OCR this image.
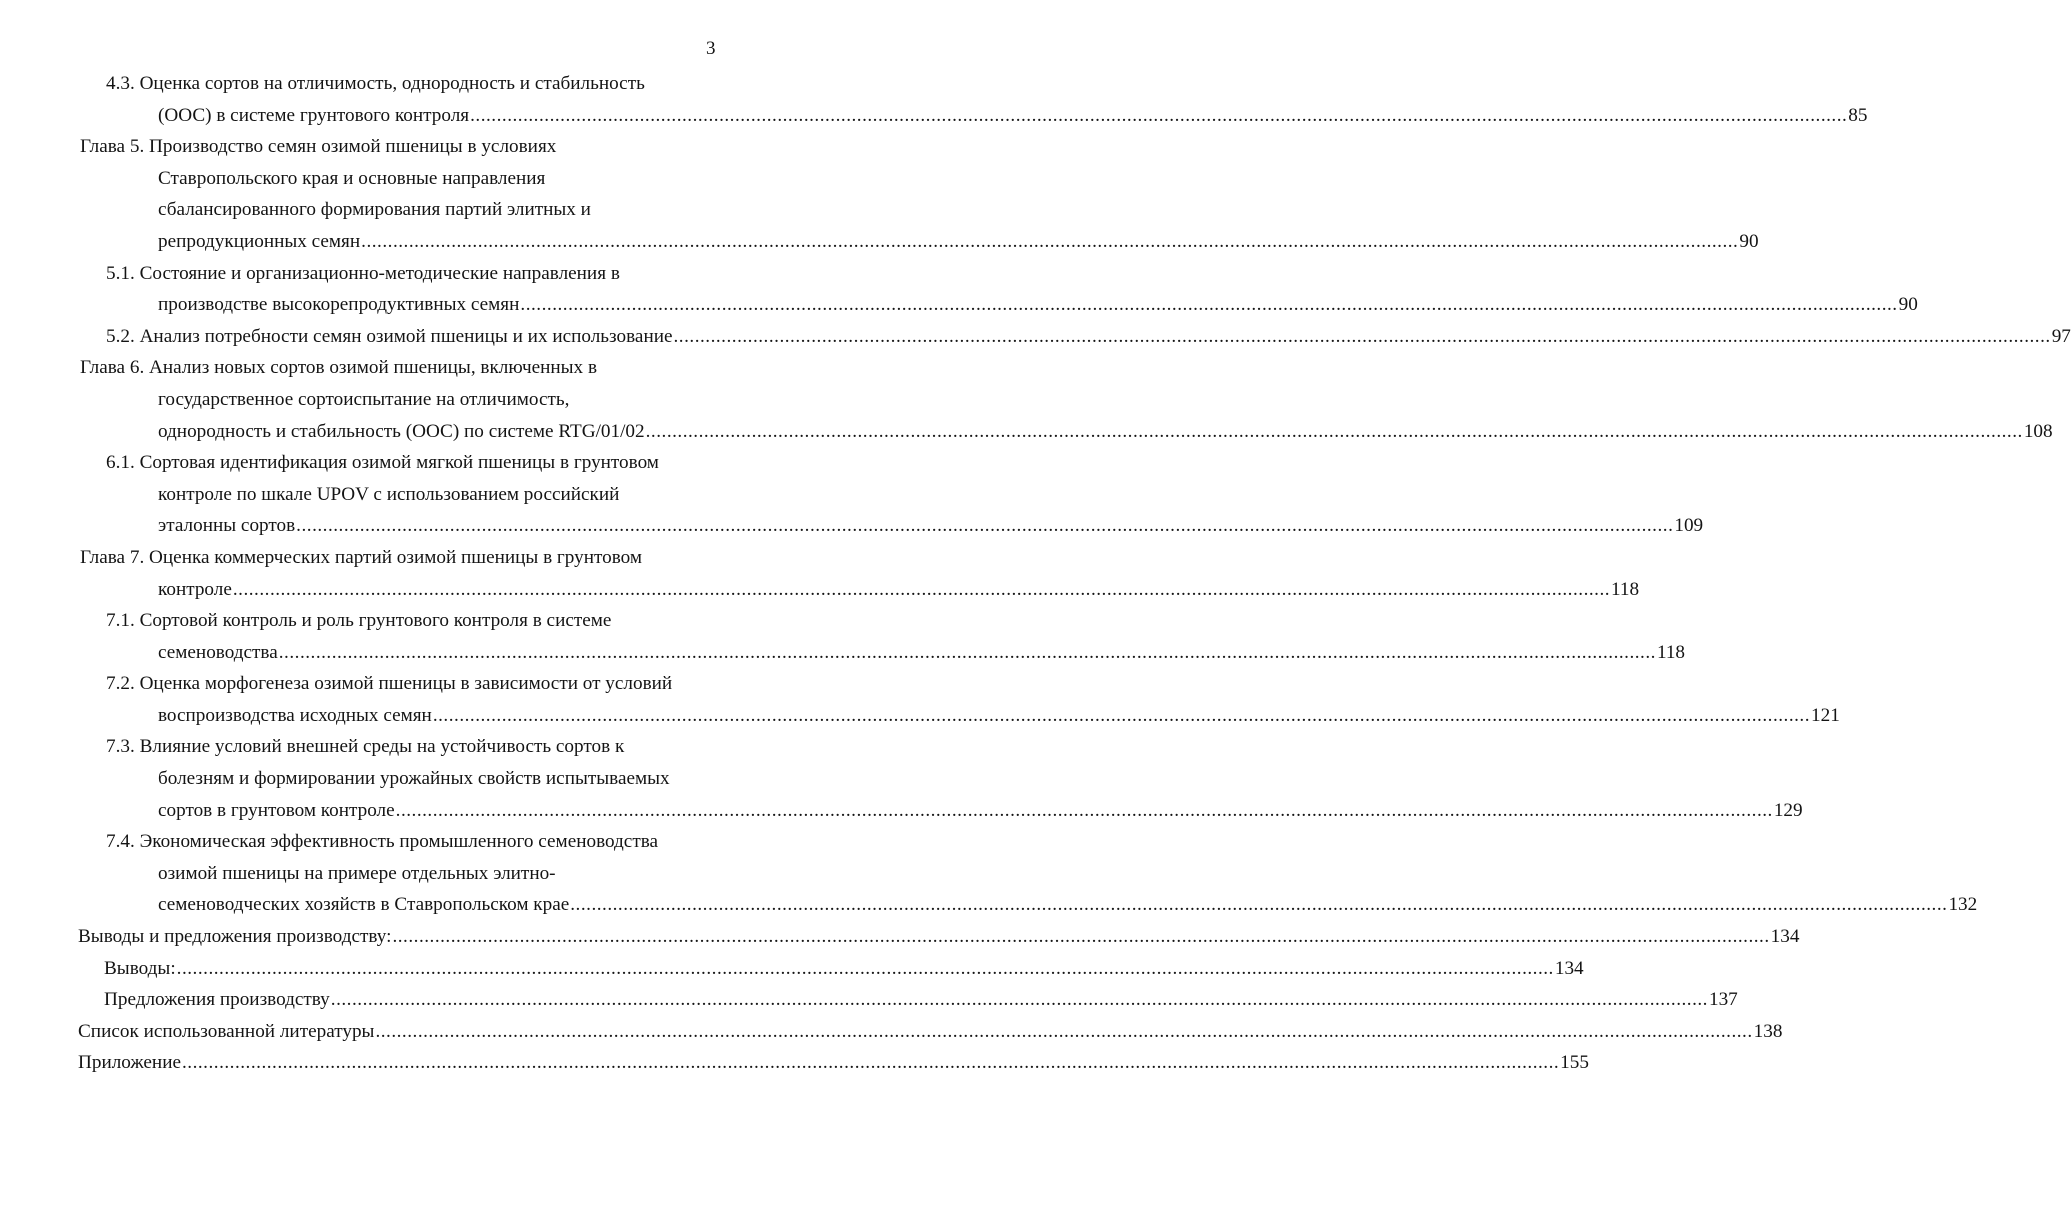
3
4.3. Оценка сортов на отличимость, однородность и стабильность
(ООС) в системе грунтового контроля .................................................................................................................................................................................................................................................................... 85
Глава 5. Производство семян озимой пшеницы в условиях
Ставропольского края и основные направления
сбалансированного формирования партий элитных и
репродукционных семян .................................................................................................................................................................................................................................................................... 90
5.1. Состояние и организационно-методические направления в
производстве высокорепродуктивных семян .................................................................................................................................................................................................................................................................... 90
5.2. Анализ потребности семян озимой пшеницы и их использование .................................................................................................................................................................................................................................................................... 97
Глава 6. Анализ новых сортов озимой пшеницы, включенных в
государственное сортоиспытание на отличимость,
однородность и стабильность (ООС) по системе RTG/01/02 .................................................................................................................................................................................................................................................................... 108
6.1. Сортовая идентификация озимой мягкой пшеницы в грунтовом
контроле по шкале UPOV с использованием российский
эталонны сортов .................................................................................................................................................................................................................................................................... 109
Глава 7. Оценка коммерческих партий озимой пшеницы в грунтовом
контроле .................................................................................................................................................................................................................................................................... 118
7.1. Сортовой контроль и роль грунтового контроля в системе
семеноводства .................................................................................................................................................................................................................................................................... 118
7.2. Оценка морфогенеза озимой пшеницы в зависимости от условий
воспроизводства исходных семян .................................................................................................................................................................................................................................................................... 121
7.3. Влияние условий внешней среды на устойчивость сортов к
болезням и формировании урожайных свойств испытываемых
сортов в грунтовом контроле .................................................................................................................................................................................................................................................................... 129
7.4. Экономическая эффективность промышленного семеноводства
озимой пшеницы на примере отдельных элитно-
семеноводческих хозяйств в Ставропольском крае .................................................................................................................................................................................................................................................................... 132
Выводы и предложения производству: .................................................................................................................................................................................................................................................................... 134
Выводы: .................................................................................................................................................................................................................................................................... 134
Предложения производству .................................................................................................................................................................................................................................................................... 137
Список использованной литературы .................................................................................................................................................................................................................................................................... 138
Приложение .................................................................................................................................................................................................................................................................... 155
